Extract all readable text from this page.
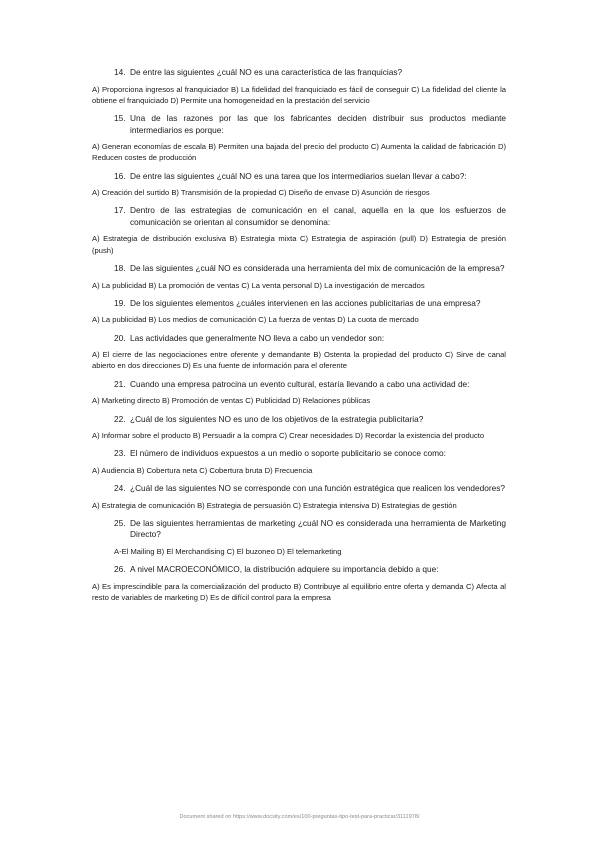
14. De entre las siguientes ¿cuál NO es una característica de las franquicias?
A) Proporciona ingresos al franquiciador B) La fidelidad del franquiciado es fácil de conseguir C) La fidelidad del cliente la obtiene el franquiciado D) Permite una homogeneidad en la prestación del servicio
15. Una de las razones por las que los fabricantes deciden distribuir sus productos mediante intermediarios es porque:
A) Generan economías de escala B) Permiten una bajada del precio del producto C) Aumenta la calidad de fabricación D) Reducen costes de producción
16. De entre las siguientes ¿cuál NO es una tarea que los intermediarios suelan llevar a cabo?:
A) Creación del surtido B) Transmisión de la propiedad C) Diseño de envase D) Asunción de riesgos
17. Dentro de las estrategias de comunicación en el canal, aquella en la que los esfuerzos de comunicación se orientan al consumidor se denomina:
A) Estrategia de distribución exclusiva B) Estrategia mixta C) Estrategia de aspiración (pull) D) Estrategia de presión (push)
18. De las siguientes ¿cuál NO es considerada una herramienta del mix de comunicación de la empresa?
A) La publicidad B) La promoción de ventas C) La venta personal D) La investigación de mercados
19. De los siguientes elementos ¿cuáles intervienen en las acciones publicitarias de una empresa?
A) La publicidad B) Los medios de comunicación C) La fuerza de ventas D) La cuota de mercado
20. Las actividades que generalmente NO lleva a cabo un vendedor son:
A) El cierre de las negociaciones entre oferente y demandante B) Ostenta la propiedad del producto C) Sirve de canal abierto en dos direcciones D) Es una fuente de información para el oferente
21. Cuando una empresa patrocina un evento cultural, estaría llevando a cabo una actividad de:
A) Marketing directo B) Promoción de ventas C) Publicidad D) Relaciones públicas
22. ¿Cuál de los siguientes NO es uno de los objetivos de la estrategia publicitaria?
A) Informar sobre el producto B) Persuadir a la compra C) Crear necesidades D) Recordar la existencia del producto
23. El número de individuos expuestos a un medio o soporte publicitario se conoce como:
A) Audiencia B) Cobertura neta C) Cobertura bruta D) Frecuencia
24. ¿Cuál de las siguientes NO se corresponde con una función estratégica que realicen los vendedores?
A) Estrategia de comunicación B) Estrategia de persuasión C) Estrategia intensiva D) Estrategias de gestión
25. De las siguientes herramientas de marketing ¿cuál NO es considerada una herramienta de Marketing Directo?
A-El Mailing B) El Merchandising C) El buzoneo D) El telemarketing
26. A nivel MACROECONÓMICO, la distribución adquiere su importancia debido a que:
A) Es imprescindible para la comercialización del producto B) Contribuye al equilibrio entre oferta y demanda C) Afecta al resto de variables de marketing D) Es de difícil control para la empresa
Document shared on https://www.docsity.com/es/100-preguntas-tipo-test-para-practicar/3111978/
